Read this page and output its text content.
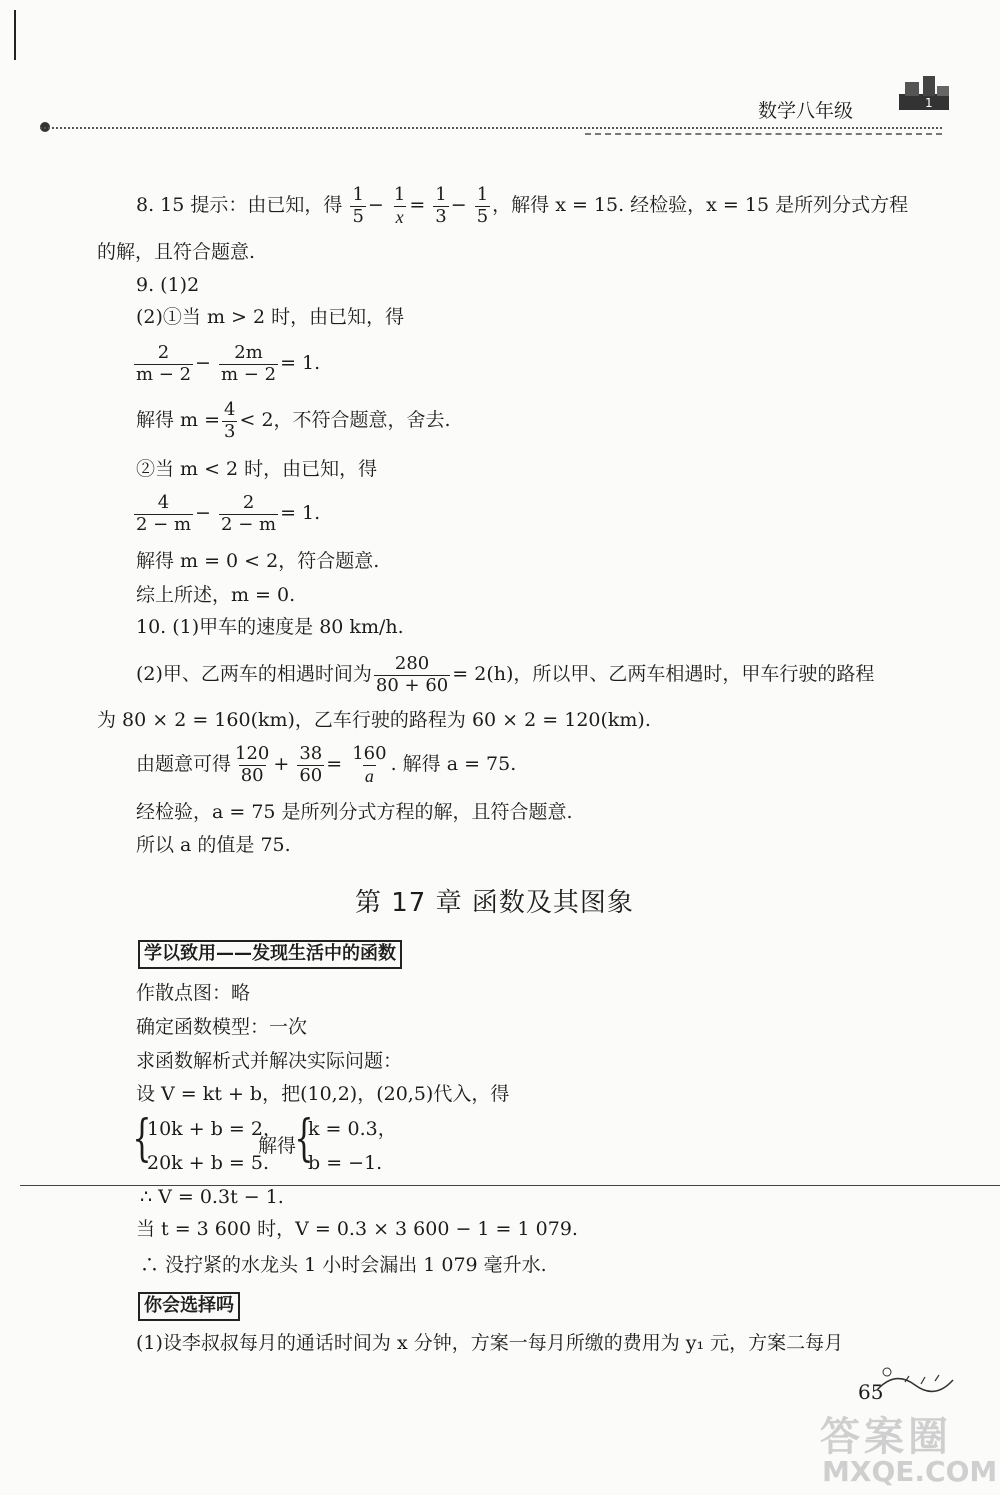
数学八年级	1
8. 15 提示：由已知，得 $\frac{1}{5} - \frac{1}{x} = \frac{1}{3} - \frac{1}{5}$ ，解得 x = 15. 经检验，x = 15 是所列分式方程
的解，且符合题意.
9. (1)2
(2)①当 m > 2 时，由已知，得
$\frac{2}{m - 2} - \frac{2m}{m - 2} = 1$.
解得 $m = \frac{4}{3} < 2$，不符合题意，舍去.
②当 m < 2 时，由已知，得
$\frac{4}{2 - m} - \frac{2}{2 - m} = 1$.
解得 m = 0 < 2，符合题意.
综上所述，m = 0.
10. (1)甲车的速度是 80 km/h.
(2)甲、乙两车的相遇时间为 $\frac{280}{80 + 60} = 2(h)$，所以甲、乙两车相遇时，甲车行驶的路程
为 80 × 2 = 160(km)，乙车行驶的路程为 60 × 2 = 120(km).
由题意可得 $\frac{120}{80} + \frac{38}{60} = \frac{160}{a}$ . 解得 a = 75.
经检验，a = 75 是所列分式方程的解，且符合题意.
所以 a 的值是 75.
第 17 章 函数及其图象
学以致用——发现生活中的函数
作散点图：略
确定函数模型：一次
求函数解析式并解决实际问题：
设 V = kt + b，把(10,2)，(20,5)代入，得
{
10k + b = 2，
20k + b = 5.
解得
{
k = 0.3，
b = −1.
∴ V = 0.3t − 1.
当 t = 3 600 时，V = 0.3 × 3 600 − 1 = 1 079.
∴ 没拧紧的水龙头 1 小时会漏出 1 079 毫升水.
你会选择吗
(1)设李叔叔每月的通话时间为 x 分钟，方案一每月所缴的费用为 y₁ 元，方案二每月
65
答案圈
MXQE.COM
